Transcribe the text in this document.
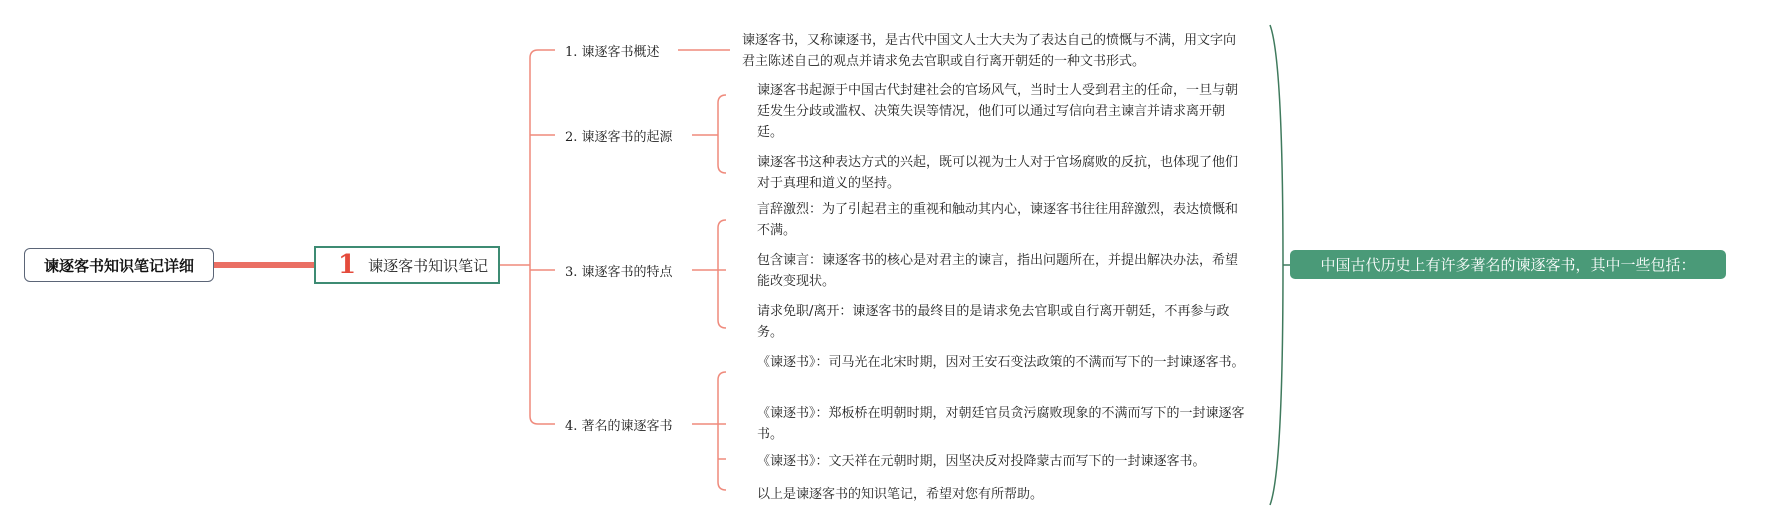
谏逐客书知识笔记详细	1 谏逐客书知识笔记
1. 谏逐客书概述
2. 谏逐客书的起源
3. 谏逐客书的特点
4. 著名的谏逐客书
谏逐客书，又称谏逐书，是古代中国文人士大夫为了表达自己的愤慨与不满，用文字向君主陈述自己的观点并请求免去官职或自行离开朝廷的一种文书形式。
谏逐客书起源于中国古代封建社会的官场风气，当时士人受到君主的任命，一旦与朝廷发生分歧或滥权、决策失误等情况，他们可以通过写信向君主谏言并请求离开朝廷。
谏逐客书这种表达方式的兴起，既可以视为士人对于官场腐败的反抗，也体现了他们对于真理和道义的坚持。
言辞激烈：为了引起君主的重视和触动其内心，谏逐客书往往用辞激烈，表达愤慨和不满。
包含谏言：谏逐客书的核心是对君主的谏言，指出问题所在，并提出解决办法，希望能改变现状。
请求免职/离开：谏逐客书的最终目的是请求免去官职或自行离开朝廷，不再参与政务。
《谏逐书》：司马光在北宋时期，因对王安石变法政策的不满而写下的一封谏逐客书。
《谏逐书》：郑板桥在明朝时期，对朝廷官员贪污腐败现象的不满而写下的一封谏逐客书。
《谏逐书》：文天祥在元朝时期，因坚决反对投降蒙古而写下的一封谏逐客书。
以上是谏逐客书的知识笔记，希望对您有所帮助。
中国古代历史上有许多著名的谏逐客书，其中一些包括：
